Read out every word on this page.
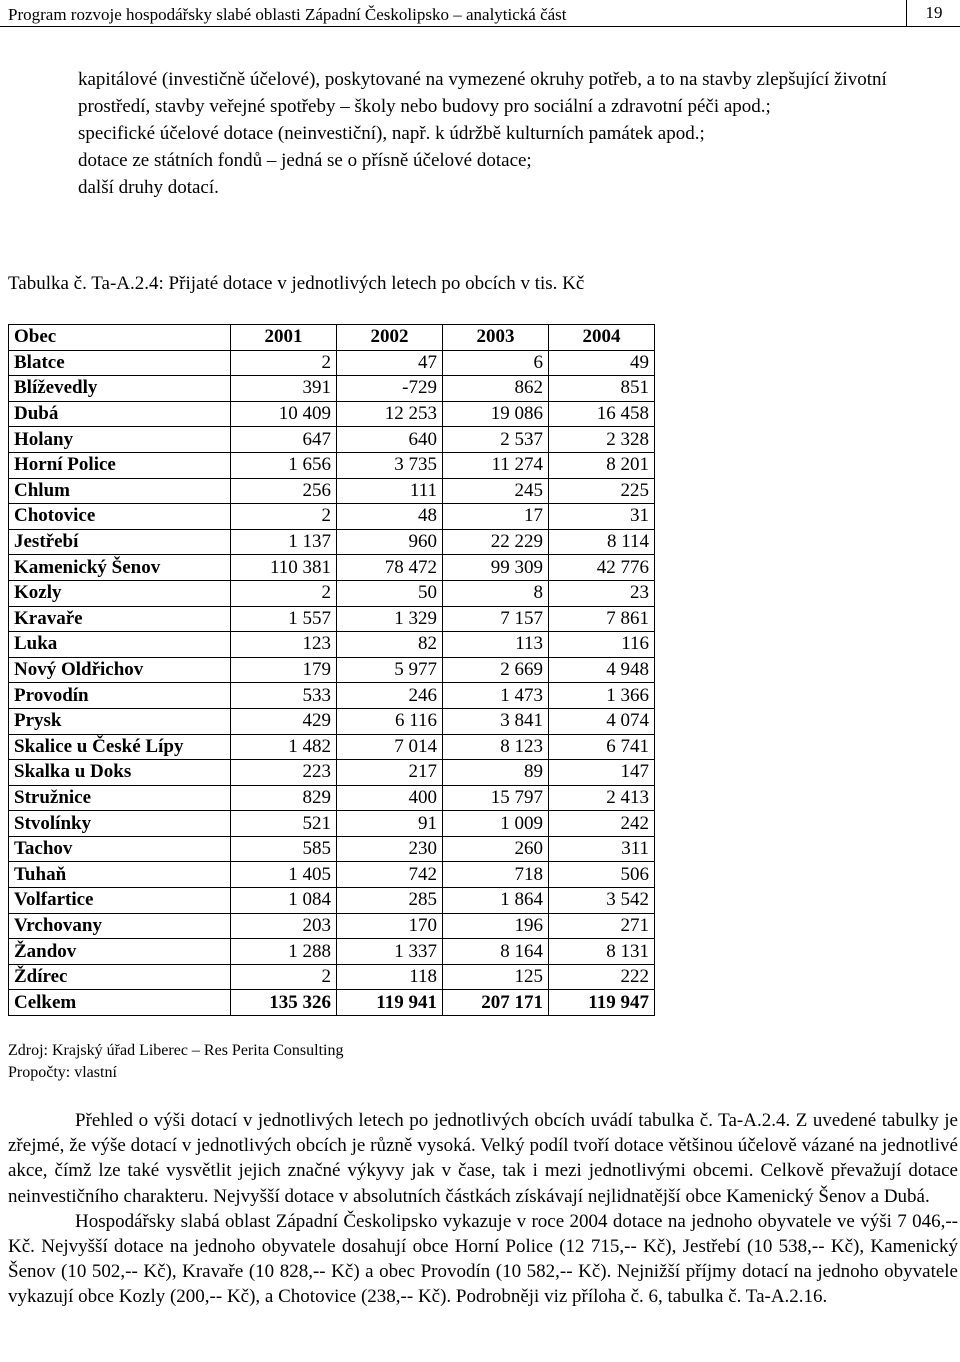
Program rozvoje hospodářsky slabé oblasti Západní Českolipsko – analytická část	19
kapitálové (investičně účelové), poskytované na vymezené okruhy potřeb, a to na stavby zlepšující životní prostředí, stavby veřejné spotřeby – školy nebo budovy pro sociální a zdravotní péči apod.;
specifické účelové dotace (neinvestiční), např. k údržbě kulturních památek apod.;
dotace ze státních fondů – jedná se o přísně účelové dotace;
další druhy dotací.
Tabulka č. Ta-A.2.4: Přijaté dotace v jednotlivých letech po obcích v tis. Kč
Obec	2001	2002	2003	2004
Blatce	2	47	6	49
Blíževedly	391	-729	862	851
Dubá	10 409	12 253	19 086	16 458
Holany	647	640	2 537	2 328
Horní Police	1 656	3 735	11 274	8 201
Chlum	256	111	245	225
Chotovice	2	48	17	31
Jestřebí	1 137	960	22 229	8 114
Kamenický Šenov	110 381	78 472	99 309	42 776
Kozly	2	50	8	23
Kravaře	1 557	1 329	7 157	7 861
Luka	123	82	113	116
Nový Oldřichov	179	5 977	2 669	4 948
Provodín	533	246	1 473	1 366
Prysk	429	6 116	3 841	4 074
Skalice u České Lípy	1 482	7 014	8 123	6 741
Skalka u Doks	223	217	89	147
Stružnice	829	400	15 797	2 413
Stvolínky	521	91	1 009	242
Tachov	585	230	260	311
Tuhaň	1 405	742	718	506
Volfartice	1 084	285	1 864	3 542
Vrchovany	203	170	196	271
Žandov	1 288	1 337	8 164	8 131
Ždírec	2	118	125	222
Celkem	135 326	119 941	207 171	119 947
Zdroj: Krajský úřad Liberec – Res Perita Consulting
Propočty: vlastní

Přehled o výši dotací v jednotlivých letech po jednotlivých obcích uvádí tabulka č. Ta-A.2.4. Z uvedené tabulky je zřejmé, že výše dotací v jednotlivých obcích je různě vysoká. Velký podíl tvoří dotace většinou účelově vázané na jednotlivé akce, čímž lze také vysvětlit jejich značné výkyvy jak v čase, tak i mezi jednotlivými obcemi. Celkově převažují dotace neinvestičního charakteru. Nejvyšší dotace v absolutních částkách získávají nejlidnatější obce Kamenický Šenov a Dubá.

Hospodářsky slabá oblast Západní Českolipsko vykazuje v roce 2004 dotace na jednoho obyvatele ve výši 7 046,-- Kč. Nejvyšší dotace na jednoho obyvatele dosahují obce Horní Police (12 715,-- Kč), Jestřebí (10 538,-- Kč), Kamenický Šenov (10 502,-- Kč), Kravaře (10 828,-- Kč) a obec Provodín (10 582,-- Kč). Nejnižší příjmy dotací na jednoho obyvatele vykazují obce Kozly (200,-- Kč), a Chotovice (238,-- Kč). Podrobněji viz příloha č. 6, tabulka č. Ta-A.2.16.
